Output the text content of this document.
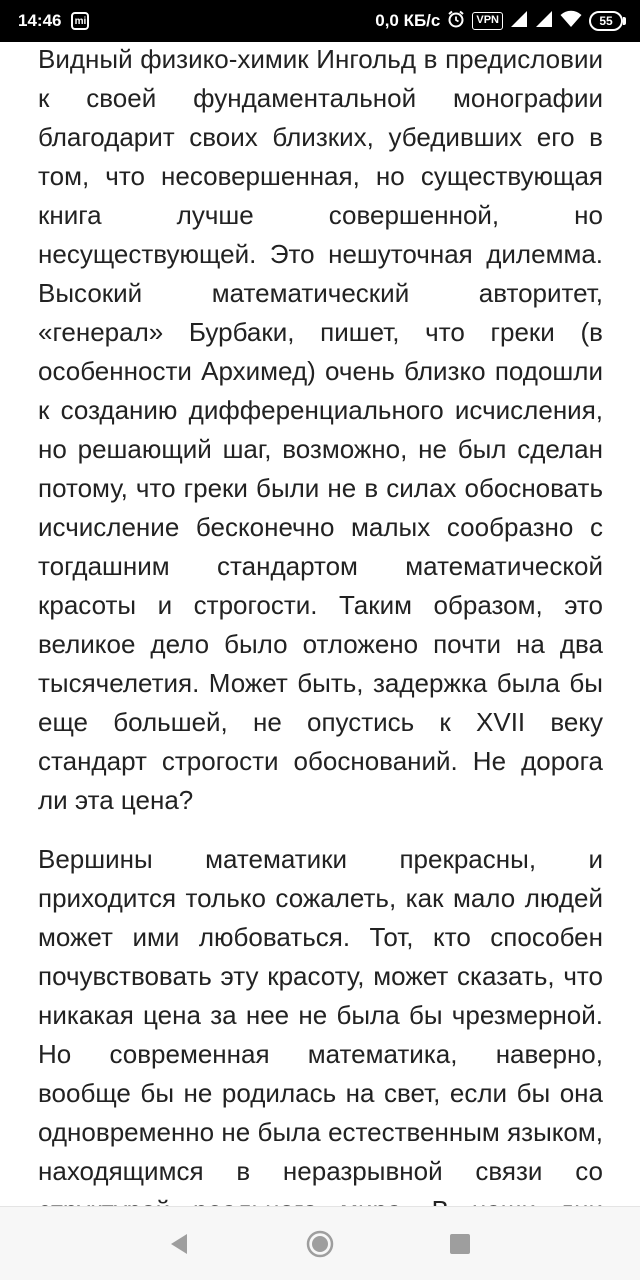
14:46	mi	0,0 КБ/с	VPN	55

Видный физико-химик Ингольд в предисловии к своей фундаментальной монографии благодарит своих близких, убедивших его в том, что несовершенная, но существующая книга лучше совершенной, но несуществующей. Это нешуточная дилемма. Высокий математический авторитет, «генерал» Бурбаки, пишет, что греки (в особенности Архимед) очень близко подошли к созданию дифференциального исчисления, но решающий шаг, возможно, не был сделан потому, что греки были не в силах обосновать исчисление бесконечно малых сообразно с тогдашним стандартом математической красоты и строгости. Таким образом, это великое дело было отложено почти на два тысячелетия. Может быть, задержка была бы еще большей, не опустись к XVII веку стандарт строгости обоснований. Не дорога ли эта цена?

Вершины математики прекрасны, и приходится только сожалеть, как мало людей может ими любоваться. Тот, кто способен почувствовать эту красоту, может сказать, что никакая цена за нее не была бы чрезмерной. Но современная математика, наверно, вообще бы не родилась на свет, если бы она одновременно не была естественным языком, находящимся в неразрывной связи со
